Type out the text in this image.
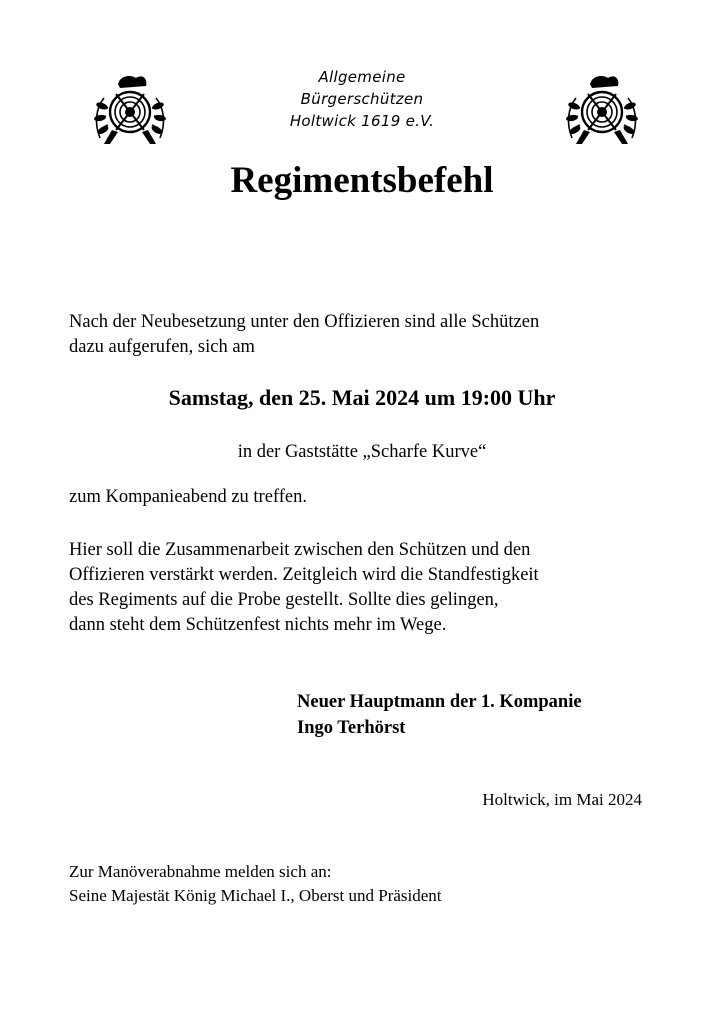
Allgemeine
Bürgerschützen
Holtwick 1619 e.V.
Regimentsbefehl
Nach der Neubesetzung unter den Offizieren sind alle Schützen
dazu aufgerufen, sich am
Samstag, den 25. Mai 2024 um 19:00 Uhr
in der Gaststätte „Scharfe Kurve“
zum Kompanieabend zu treffen.
Hier soll die Zusammenarbeit zwischen den Schützen und den
Offizieren verstärkt werden. Zeitgleich wird die Standfestigkeit
des Regiments auf die Probe gestellt. Sollte dies gelingen,
dann steht dem Schützenfest nichts mehr im Wege.
Neuer Hauptmann der 1. Kompanie
Ingo Terhörst
Holtwick, im Mai 2024
Zur Manöverabnahme melden sich an:
Seine Majestät König Michael I., Oberst und Präsident
